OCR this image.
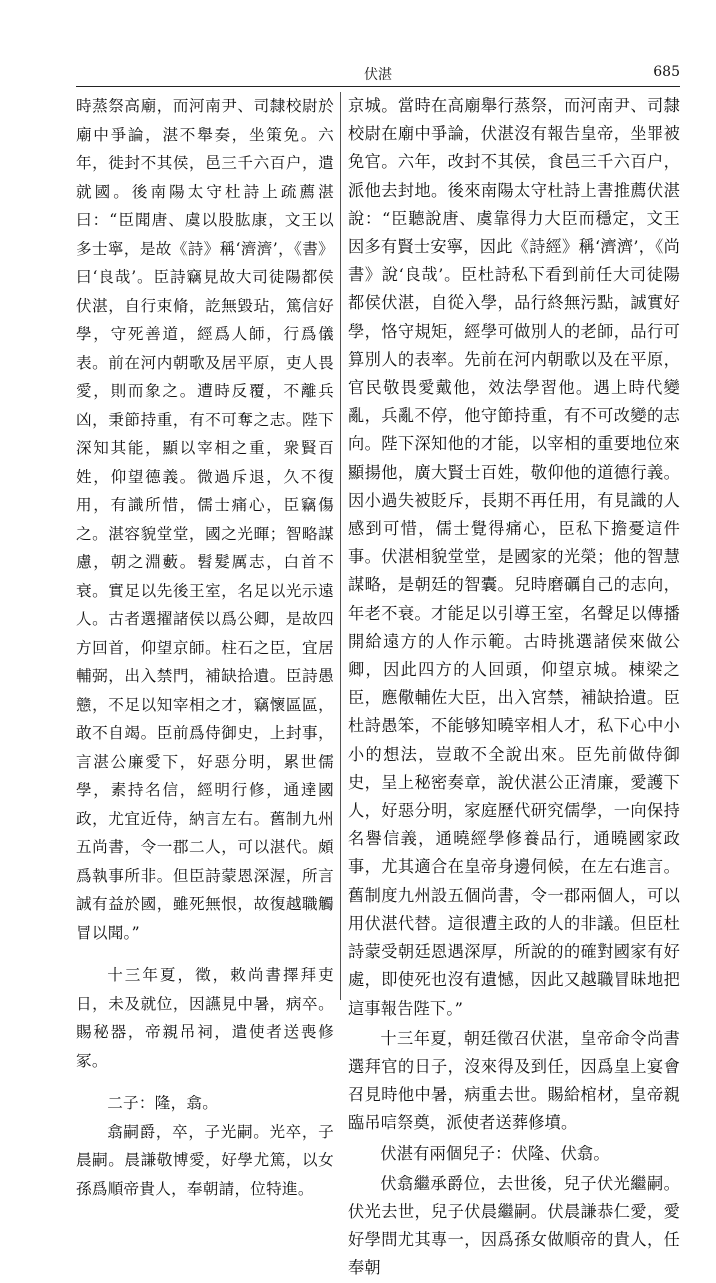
伏湛	685

時蒸祭高廟，而河南尹、司隸校尉於廟中爭論，湛不舉奏，坐策免。六年，徙封不其侯，邑三千六百户，遣就國。後南陽太守杜詩上疏薦湛曰：“臣聞唐、虞以股肱康，文王以多士寧，是故《詩》稱‘濟濟’，《書》曰‘良哉’。臣詩竊見故大司徒陽都侯伏湛，自行束脩，訖無毀玷，篤信好學，守死善道，經爲人師，行爲儀表。前在河内朝歌及居平原，吏人畏愛，則而象之。遭時反覆，不離兵凶，秉節持重，有不可奪之志。陛下深知其能，顯以宰相之重，衆賢百姓，仰望德義。微過斥退，久不復用，有識所惜，儒士痛心，臣竊傷之。湛容貌堂堂，國之光暉；智略謀慮，朝之淵藪。髫髮厲志，白首不衰。實足以先後王室，名足以光示遠人。古者選擢諸侯以爲公卿，是故四方回首，仰望京師。柱石之臣，宜居輔弼，出入禁門，補缺拾遺。臣詩愚戆，不足以知宰相之才，竊懷區區，敢不自竭。臣前爲侍御史，上封事，言湛公廉愛下，好惡分明，累世儒學，素持名信，經明行修，通達國政，尤宜近侍，納言左右。舊制九州五尚書，令一郡二人，可以湛代。頗爲執事所非。但臣詩蒙恩深渥，所言誠有益於國，雖死無恨，故復越職觸冒以聞。”

十三年夏，徵，敕尚書擇拜吏日，未及就位，因讌見中暑，病卒。賜秘器，帝親吊祠，遣使者送喪修冢。

二子：隆，翕。

翕嗣爵，卒，子光嗣。光卒，子晨嗣。晨謙敬博愛，好學尤篤，以女孫爲順帝貴人，奉朝請，位特進。

京城。當時在高廟舉行蒸祭，而河南尹、司隸校尉在廟中爭論，伏湛沒有報告皇帝，坐罪被免官。六年，改封不其侯，食邑三千六百户，派他去封地。後來南陽太守杜詩上書推薦伏湛說：“臣聽說唐、虞靠得力大臣而穩定，文王因多有賢士安寧，因此《詩經》稱‘濟濟’，《尚書》說‘良哉’。臣杜詩私下看到前任大司徒陽都侯伏湛，自從入學，品行終無污點，誠實好學，恪守規矩，經學可做別人的老師，品行可算別人的表率。先前在河内朝歌以及在平原，官民敬畏愛戴他，效法學習他。遇上時代變亂，兵亂不停，他守節持重，有不可改變的志向。陛下深知他的才能，以宰相的重要地位來顯揚他，廣大賢士百姓，敬仰他的道德行義。因小過失被貶斥，長期不再任用，有見識的人感到可惜，儒士覺得痛心，臣私下擔憂這件事。伏湛相貌堂堂，是國家的光榮；他的智慧謀略，是朝廷的智囊。兒時磨礪自己的志向，年老不衰。才能足以引導王室，名聲足以傳播開給遠方的人作示範。古時挑選諸侯來做公卿，因此四方的人回頭，仰望京城。棟梁之臣，應儆輔佐大臣，出入宮禁，補缺拾遺。臣杜詩愚笨，不能够知曉宰相人才，私下心中小小的想法，豈敢不全說出來。臣先前做侍御史，呈上秘密奏章，說伏湛公正清廉，愛護下人，好惡分明，家庭歷代研究儒學，一向保持名譽信義，通曉經學修養品行，通曉國家政事，尤其適合在皇帝身邊伺候，在左右進言。舊制度九州設五個尚書，令一郡兩個人，可以用伏湛代替。這很遭主政的人的非議。但臣杜詩蒙受朝廷恩遇深厚，所說的的確對國家有好處，即使死也沒有遺憾，因此又越職冒昧地把這事報告陛下。”

十三年夏，朝廷徵召伏湛，皇帝命令尚書選拜官的日子，沒來得及到任，因爲皇上宴會召見時他中暑，病重去世。賜給棺材，皇帝親臨吊唁祭奠，派使者送葬修墳。

伏湛有兩個兒子：伏隆、伏翕。

伏翕繼承爵位，去世後，兒子伏光繼嗣。伏光去世，兒子伏晨繼嗣。伏晨謙恭仁愛，愛好學問尤其專一，因爲孫女做順帝的貴人，任奉朝
